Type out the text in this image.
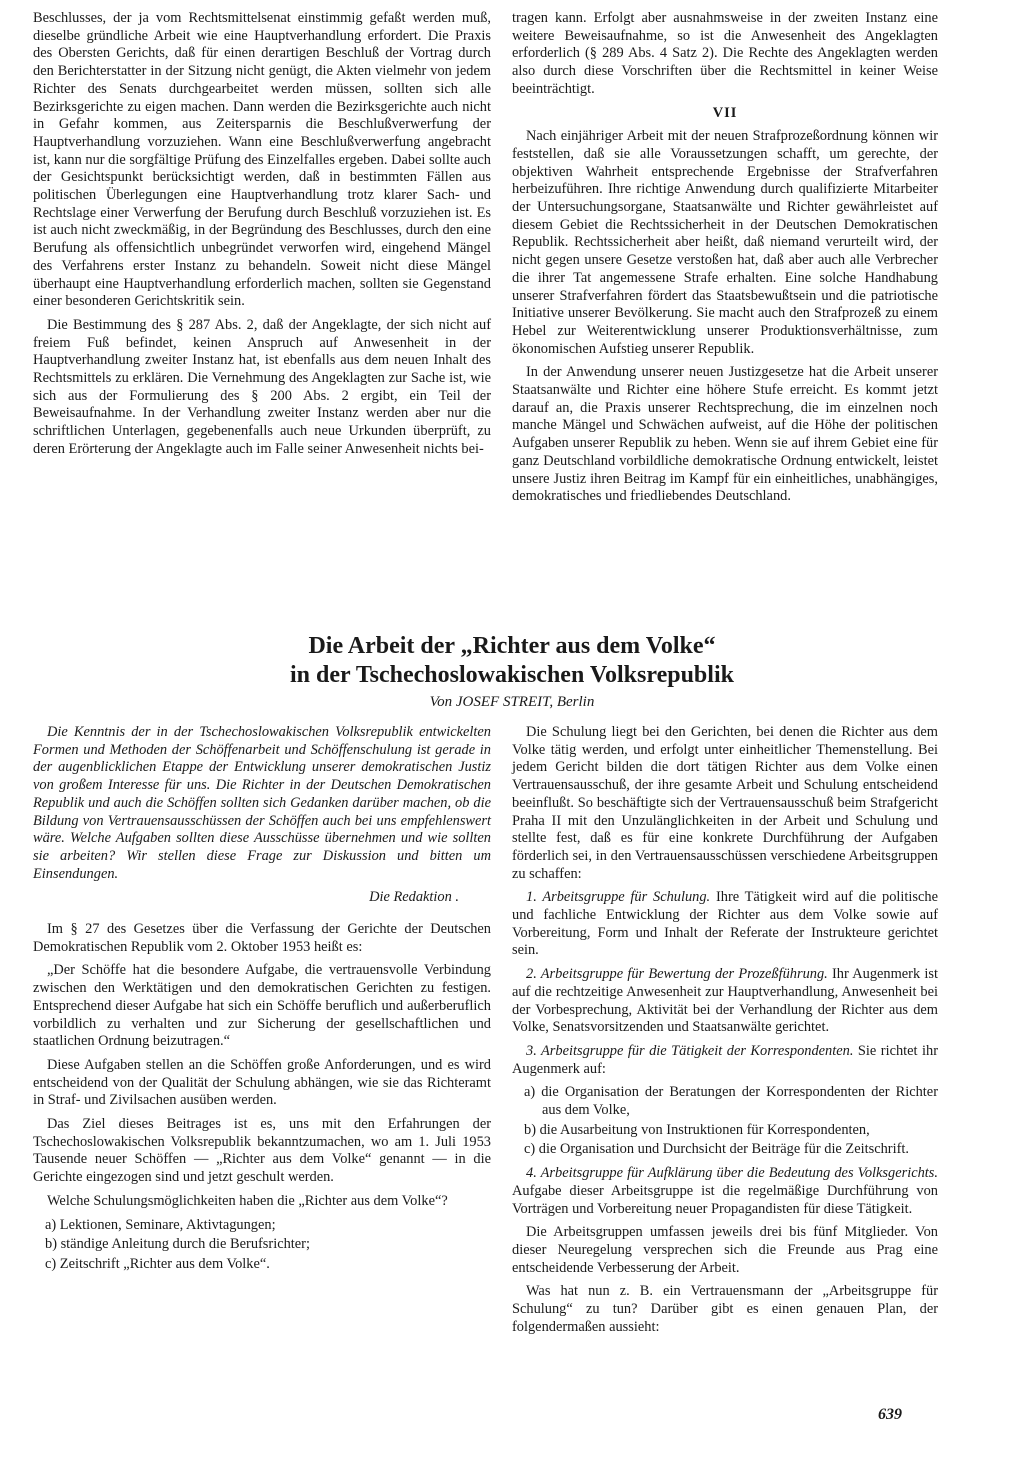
Beschlusses, der ja vom Rechtsmittelsenat einstimmig gefaßt werden muß, dieselbe gründliche Arbeit wie eine Hauptverhandlung erfordert. Die Praxis des Obersten Gerichts, daß für einen derartigen Beschluß der Vortrag durch den Berichterstatter in der Sitzung nicht genügt, die Akten vielmehr von jedem Richter des Senats durchgearbeitet werden müssen, sollten sich alle Bezirksgerichte zu eigen machen. Dann werden die Bezirksgerichte auch nicht in Gefahr kommen, aus Zeitersparnis die Beschlußverwerfung der Hauptverhandlung vorzuziehen. Wann eine Beschlußverwerfung angebracht ist, kann nur die sorgfältige Prüfung des Einzelfalles ergeben. Dabei sollte auch der Gesichtspunkt berücksichtigt werden, daß in bestimmten Fällen aus politischen Überlegungen eine Hauptverhandlung trotz klarer Sach- und Rechtslage einer Verwerfung der Berufung durch Beschluß vorzuziehen ist. Es ist auch nicht zweckmäßig, in der Begründung des Beschlusses, durch den eine Berufung als offensichtlich unbegründet verworfen wird, eingehend Mängel des Verfahrens erster Instanz zu behandeln. Soweit nicht diese Mängel überhaupt eine Hauptverhandlung erforderlich machen, sollten sie Gegenstand einer besonderen Gerichtskritik sein.

Die Bestimmung des § 287 Abs. 2, daß der Angeklagte, der sich nicht auf freiem Fuß befindet, keinen Anspruch auf Anwesenheit in der Hauptverhandlung zweiter Instanz hat, ist ebenfalls aus dem neuen Inhalt des Rechtsmittels zu erklären. Die Vernehmung des Angeklagten zur Sache ist, wie sich aus der Formulierung des § 200 Abs. 2 ergibt, ein Teil der Beweisaufnahme. In der Verhandlung zweiter Instanz werden aber nur die schriftlichen Unterlagen, gegebenenfalls auch neue Urkunden überprüft, zu deren Erörterung der Angeklagte auch im Falle seiner Anwesenheit nichts bei-

tragen kann. Erfolgt aber ausnahmsweise in der zweiten Instanz eine weitere Beweisaufnahme, so ist die Anwesenheit des Angeklagten erforderlich (§ 289 Abs. 4 Satz 2). Die Rechte des Angeklagten werden also durch diese Vorschriften über die Rechtsmittel in keiner Weise beeinträchtigt.

VII

Nach einjähriger Arbeit mit der neuen Strafprozeßordnung können wir feststellen, daß sie alle Voraussetzungen schafft, um gerechte, der objektiven Wahrheit entsprechende Ergebnisse der Strafverfahren herbeizuführen. Ihre richtige Anwendung durch qualifizierte Mitarbeiter der Untersuchungsorgane, Staatsanwälte und Richter gewährleistet auf diesem Gebiet die Rechtssicherheit in der Deutschen Demokratischen Republik. Rechtssicherheit aber heißt, daß niemand verurteilt wird, der nicht gegen unsere Gesetze verstoßen hat, daß aber auch alle Verbrecher die ihrer Tat angemessene Strafe erhalten. Eine solche Handhabung unserer Strafverfahren fördert das Staatsbewußtsein und die patriotische Initiative unserer Bevölkerung. Sie macht auch den Strafprozeß zu einem Hebel zur Weiterentwicklung unserer Produktionsverhältnisse, zum ökonomischen Aufstieg unserer Republik.

In der Anwendung unserer neuen Justizgesetze hat die Arbeit unserer Staatsanwälte und Richter eine höhere Stufe erreicht. Es kommt jetzt darauf an, die Praxis unserer Rechtsprechung, die im einzelnen noch manche Mängel und Schwächen aufweist, auf die Höhe der politischen Aufgaben unserer Republik zu heben. Wenn sie auf ihrem Gebiet eine für ganz Deutschland vorbildliche demokratische Ordnung entwickelt, leistet unsere Justiz ihren Beitrag im Kampf für ein einheitliches, unabhängiges, demokratisches und friedliebendes Deutschland.

Die Arbeit der „Richter aus dem Volke“
in der Tschechoslowakischen Volksrepublik
Von JOSEF STREIT, Berlin

Die Kenntnis der in der Tschechoslowakischen Volksrepublik entwickelten Formen und Methoden der Schöffenarbeit und Schöffenschulung ist gerade in der augenblicklichen Etappe der Entwicklung unserer demokratischen Justiz von großem Interesse für uns. Die Richter in der Deutschen Demokratischen Republik und auch die Schöffen sollten sich Gedanken darüber machen, ob die Bildung von Vertrauensausschüssen der Schöffen auch bei uns empfehlenswert wäre. Welche Aufgaben sollten diese Ausschüsse übernehmen und wie sollten sie arbeiten? Wir stellen diese Frage zur Diskussion und bitten um Einsendungen.

Die Redaktion .

Im § 27 des Gesetzes über die Verfassung der Gerichte der Deutschen Demokratischen Republik vom 2. Oktober 1953 heißt es:

„Der Schöffe hat die besondere Aufgabe, die vertrauensvolle Verbindung zwischen den Werktätigen und den demokratischen Gerichten zu festigen. Entsprechend dieser Aufgabe hat sich ein Schöffe beruflich und außerberuflich vorbildlich zu verhalten und zur Sicherung der gesellschaftlichen und staatlichen Ordnung beizutragen.“

Diese Aufgaben stellen an die Schöffen große Anforderungen, und es wird entscheidend von der Qualität der Schulung abhängen, wie sie das Richteramt in Straf- und Zivilsachen ausüben werden.

Das Ziel dieses Beitrages ist es, uns mit den Erfahrungen der Tschechoslowakischen Volksrepublik bekanntzumachen, wo am 1. Juli 1953 Tausende neuer Schöffen — „Richter aus dem Volke“ genannt — in die Gerichte eingezogen sind und jetzt geschult werden.

Welche Schulungsmöglichkeiten haben die „Richter aus dem Volke“?

a) Lektionen, Seminare, Aktivtagungen;
b) ständige Anleitung durch die Berufsrichter;
c) Zeitschrift „Richter aus dem Volke“.

Die Schulung liegt bei den Gerichten, bei denen die Richter aus dem Volke tätig werden, und erfolgt unter einheitlicher Themenstellung. Bei jedem Gericht bilden die dort tätigen Richter aus dem Volke einen Vertrauensausschuß, der ihre gesamte Arbeit und Schulung entscheidend beeinflußt. So beschäftigte sich der Vertrauensausschuß beim Strafgericht Praha II mit den Unzulänglichkeiten in der Arbeit und Schulung und stellte fest, daß es für eine konkrete Durchführung der Aufgaben förderlich sei, in den Vertrauensausschüssen verschiedene Arbeitsgruppen zu schaffen:

1. Arbeitsgruppe für Schulung. Ihre Tätigkeit wird auf die politische und fachliche Entwicklung der Richter aus dem Volke sowie auf Vorbereitung, Form und Inhalt der Referate der Instrukteure gerichtet sein.

2. Arbeitsgruppe für Bewertung der Prozeßführung. Ihr Augenmerk ist auf die rechtzeitige Anwesenheit zur Hauptverhandlung, Anwesenheit bei der Vorbesprechung, Aktivität bei der Verhandlung der Richter aus dem Volke, Senatsvorsitzenden und Staatsanwälte gerichtet.

3. Arbeitsgruppe für die Tätigkeit der Korrespondenten. Sie richtet ihr Augenmerk auf:

a) die Organisation der Beratungen der Korrespondenten der Richter aus dem Volke,
b) die Ausarbeitung von Instruktionen für Korrespondenten,
c) die Organisation und Durchsicht der Beiträge für die Zeitschrift.

4. Arbeitsgruppe für Aufklärung über die Bedeutung des Volksgerichts. Aufgabe dieser Arbeitsgruppe ist die regelmäßige Durchführung von Vorträgen und Vorbereitung neuer Propagandisten für diese Tätigkeit.

Die Arbeitsgruppen umfassen jeweils drei bis fünf Mitglieder. Von dieser Neuregelung versprechen sich die Freunde aus Prag eine entscheidende Verbesserung der Arbeit.

Was hat nun z. B. ein Vertrauensmann der „Arbeitsgruppe für Schulung“ zu tun? Darüber gibt es einen genauen Plan, der folgendermaßen aussieht:

639
